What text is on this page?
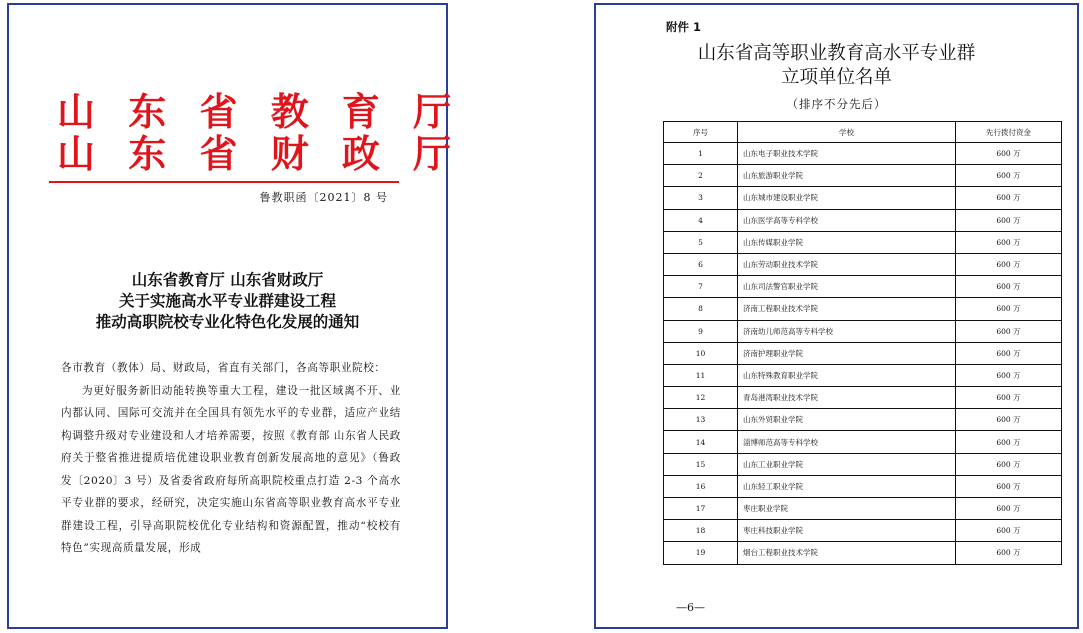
山 东 省 教 育 厅
山 东 省 财 政 厅
鲁教职函〔2021〕8 号
山东省教育厅 山东省财政厅
关于实施高水平专业群建设工程
推动高职院校专业化特色化发展的通知

各市教育（教体）局、财政局，省直有关部门，各高等职业院校：

为更好服务新旧动能转换等重大工程，建设一批区域离不开、业内都认同、国际可交流并在全国具有领先水平的专业群，适应产业结构调整升级对专业建设和人才培养需要，按照《教育部 山东省人民政府关于整省推进提质培优建设职业教育创新发展高地的意见》（鲁政发〔2020〕3 号）及省委省政府每所高职院校重点打造 2-3 个高水平专业群的要求，经研究，决定实施山东省高等职业教育高水平专业群建设工程，引导高职院校优化专业结构和资源配置，推动“校校有特色”实现高质量发展，形成

附件 1
山东省高等职业教育高水平专业群
立项单位名单
（排序不分先后）
序号	学校	先行拨付资金
1	山东电子职业技术学院	600 万
2	山东旅游职业学院	600 万
3	山东城市建设职业学院	600 万
4	山东医学高等专科学校	600 万
5	山东传媒职业学院	600 万
6	山东劳动职业技术学院	600 万
7	山东司法警官职业学院	600 万
8	济南工程职业技术学院	600 万
9	济南幼儿师范高等专科学校	600 万
10	济南护理职业学院	600 万
11	山东特殊教育职业学院	600 万
12	青岛港湾职业技术学院	600 万
13	山东外贸职业学院	600 万
14	淄博师范高等专科学校	600 万
15	山东工业职业学院	600 万
16	山东轻工职业学院	600 万
17	枣庄职业学院	600 万
18	枣庄科技职业学院	600 万
19	烟台工程职业技术学院	600 万
—6—
